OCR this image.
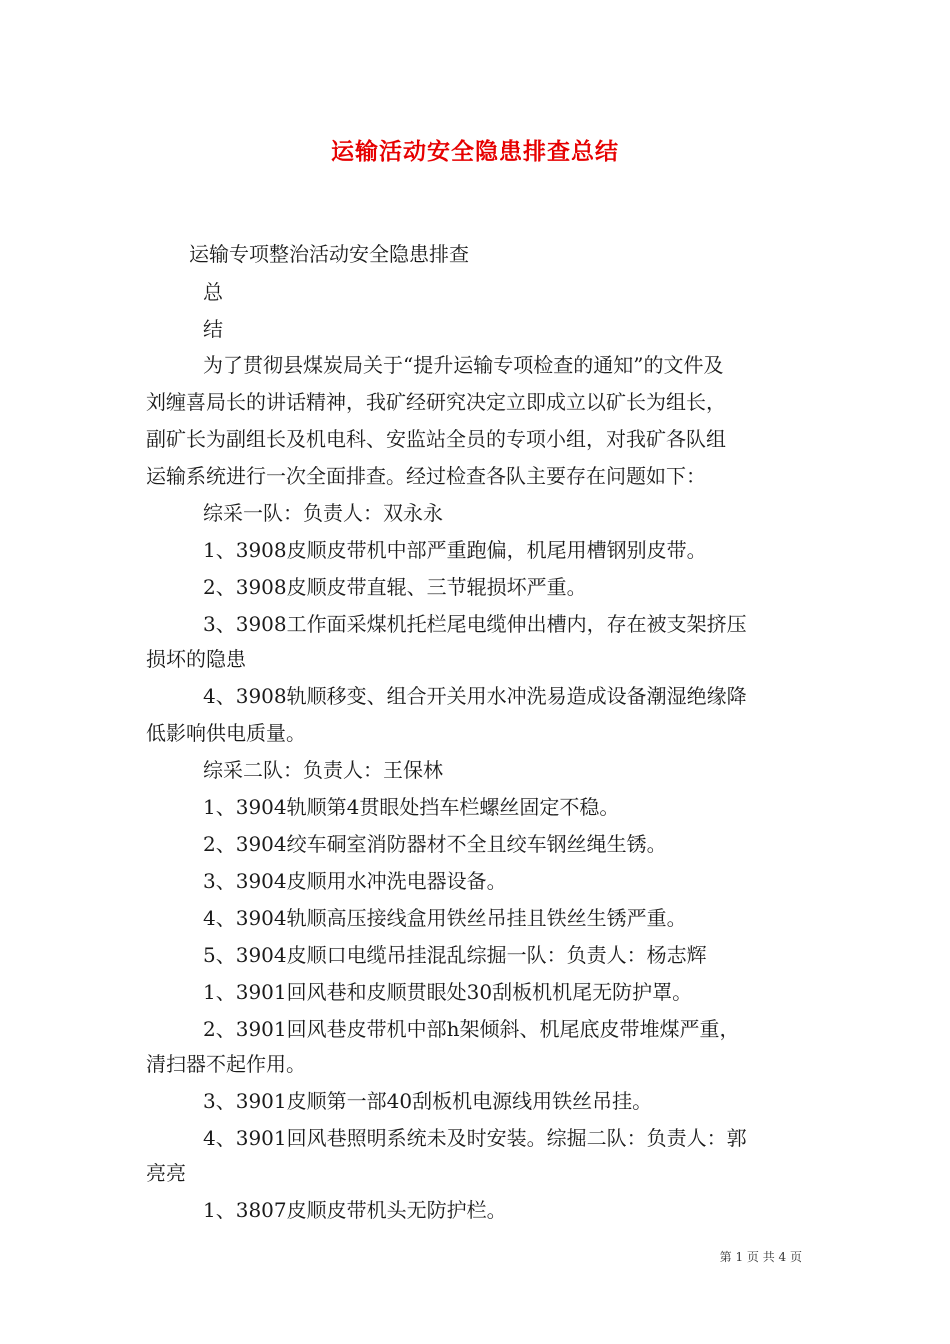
运输活动安全隐患排查总结
运输专项整治活动安全隐患排查
总
结
为了贯彻县煤炭局关于“提升运输专项检查的通知”的文件及
刘缠喜局长的讲话精神，我矿经研究决定立即成立以矿长为组长，
副矿长为副组长及机电科、安监站全员的专项小组，对我矿各队组
运输系统进行一次全面排查。经过检查各队主要存在问题如下：
综采一队：负责人：双永永
1、3908皮顺皮带机中部严重跑偏，机尾用槽钢别皮带。
2、3908皮顺皮带直辊、三节辊损坏严重。
3、3908工作面采煤机托栏尾电缆伸出槽内，存在被支架挤压
损坏的隐患
4、3908轨顺移变、组合开关用水冲洗易造成设备潮湿绝缘降
低影响供电质量。
综采二队：负责人：王保林
1、3904轨顺第4贯眼处挡车栏螺丝固定不稳。
2、3904绞车硐室消防器材不全且绞车钢丝绳生锈。
3、3904皮顺用水冲洗电器设备。
4、3904轨顺高压接线盒用铁丝吊挂且铁丝生锈严重。
5、3904皮顺口电缆吊挂混乱综掘一队：负责人：杨志辉
1、3901回风巷和皮顺贯眼处30刮板机机尾无防护罩。
2、3901回风巷皮带机中部h架倾斜、机尾底皮带堆煤严重，
清扫器不起作用。
3、3901皮顺第一部40刮板机电源线用铁丝吊挂。
4、3901回风巷照明系统未及时安装。综掘二队：负责人：郭
亮亮
1、3807皮顺皮带机头无防护栏。
第 1 页 共 4 页
